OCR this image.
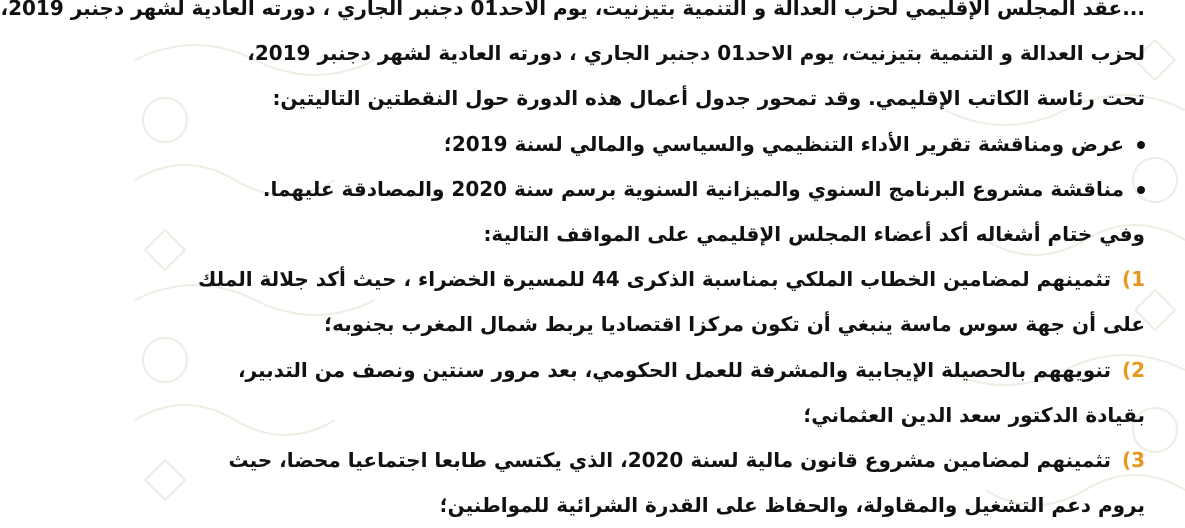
...عقد المجلس الإقليمي لحزب العدالة و التنمية بتيزنيت، يوم الاحد01 دجنبر الجاري ، دورته العادية لشهر دجنبر 2019،
لحزب العدالة و التنمية بتيزنيت، يوم الاحد01 دجنبر الجاري ، دورته العادية لشهر دجنبر 2019،
تحت رئاسة الكاتب الإقليمي. وقد تمحور جدول أعمال هذه الدورة حول النقطتين التاليتين:
عرض ومناقشة تقرير الأداء التنظيمي والسياسي والمالي لسنة 2019؛
مناقشة مشروع البرنامج السنوي والميزانية السنوية برسم سنة 2020 والمصادقة عليهما.
وفي ختام أشغاله أكد أعضاء المجلس الإقليمي على المواقف التالية:
1) تثمينهم لمضامين الخطاب الملكي بمناسبة الذكرى 44 للمسيرة الخضراء ، حيث أكد جلالة الملك
على أن جهة سوس ماسة ينبغي أن تكون مركزا اقتصاديا يربط شمال المغرب بجنوبه؛
2) تنويههم بالحصيلة الإيجابية والمشرفة للعمل الحكومي، بعد مرور سنتين ونصف من التدبير،
بقيادة الدكتور سعد الدين العثماني؛
3) تثمينهم لمضامين مشروع قانون مالية لسنة 2020، الذي يكتسي طابعا اجتماعيا محضا، حيث
يروم دعم التشغيل والمقاولة، والحفاظ على القدرة الشرائية للمواطنين؛
